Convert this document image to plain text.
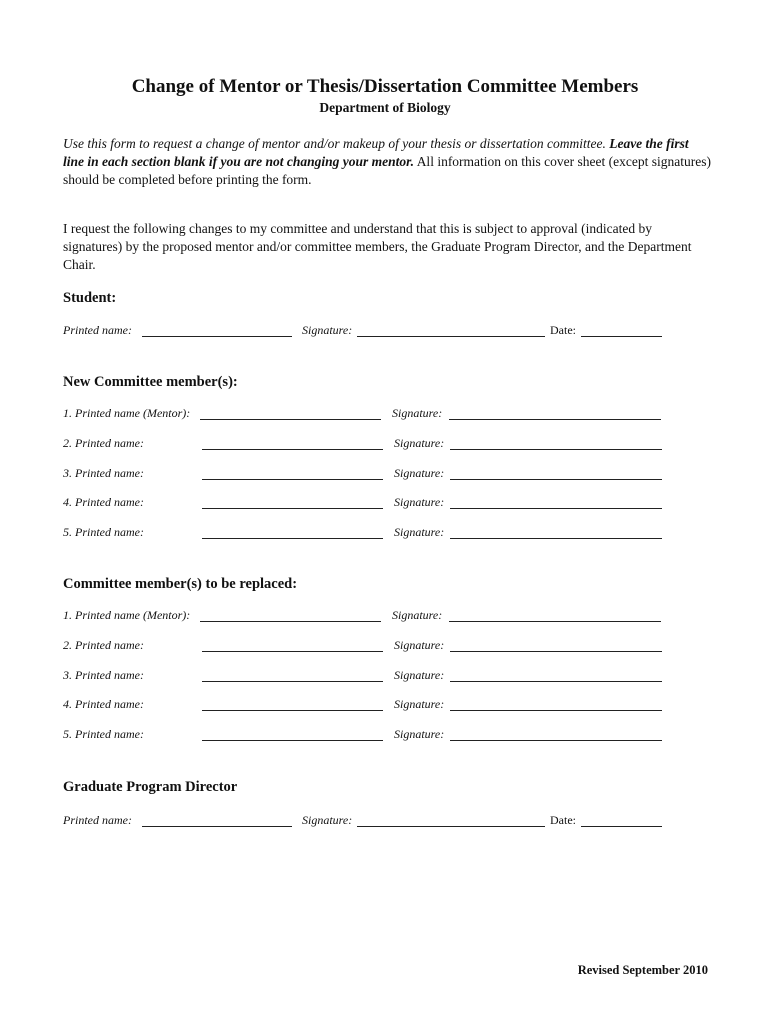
Change of Mentor or Thesis/Dissertation Committee Members
Department of Biology
Use this form to request a change of mentor and/or makeup of your thesis or dissertation committee. Leave the first line in each section blank if you are not changing your mentor. All information on this cover sheet (except signatures) should be completed before printing the form.
I request the following changes to my committee and understand that this is subject to approval (indicated by signatures) by the proposed mentor and/or committee members, the Graduate Program Director, and the Department Chair.
Student:
Printed name:	Signature:	Date:
New Committee member(s):
1. Printed name (Mentor):	Signature:
2. Printed name:	Signature:
3. Printed name:	Signature:
4. Printed name:	Signature:
5. Printed name:	Signature:
Committee member(s) to be replaced:
1. Printed name (Mentor):	Signature:
2. Printed name:	Signature:
3. Printed name:	Signature:
4. Printed name:	Signature:
5. Printed name:	Signature:
Graduate Program Director
Printed name:	Signature:	Date:
Revised September 2010
